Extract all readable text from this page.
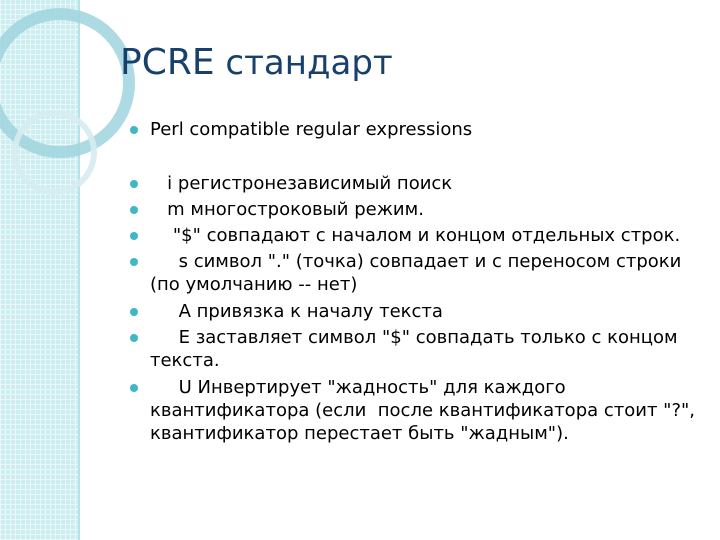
PCRE стандарт
Perl compatible regular expressions
i регистронезависимый поиск
m многостроковый режим.
"$" совпадают с началом и концом отдельных строк.
s символ "." (точка) совпадает и с переносом строки
(по умолчанию -- нет)
A привязка к началу текста
E заставляет символ "$" совпадать только с концом
текста.
U Инвертирует "жадность" для каждого
квантификатора (если  после квантификатора стоит "?",
квантификатор перестает быть "жадным").
